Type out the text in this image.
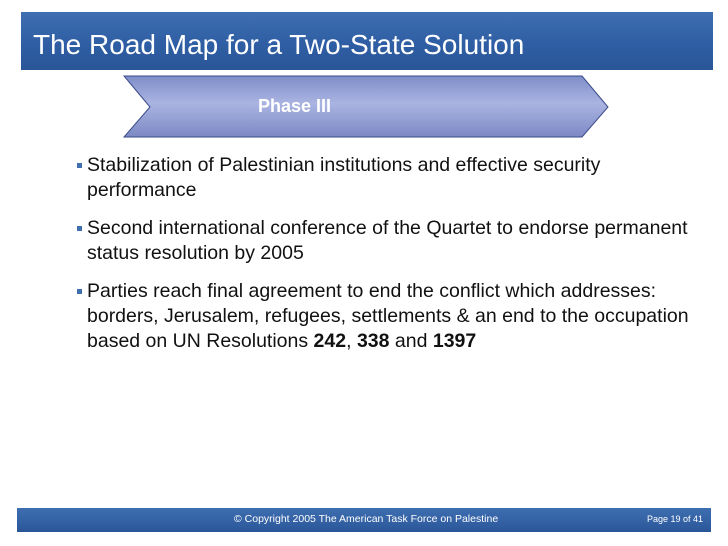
The Road Map for a Two-State Solution
Phase III
Stabilization of Palestinian institutions and effective security performance
Second international conference of the Quartet to endorse permanent status resolution by 2005
Parties reach final agreement to end the conflict which addresses: borders, Jerusalem, refugees, settlements & an end to the occupation based on UN Resolutions 242, 338 and 1397
© Copyright 2005 The American Task Force on Palestine	Page 19 of 41
